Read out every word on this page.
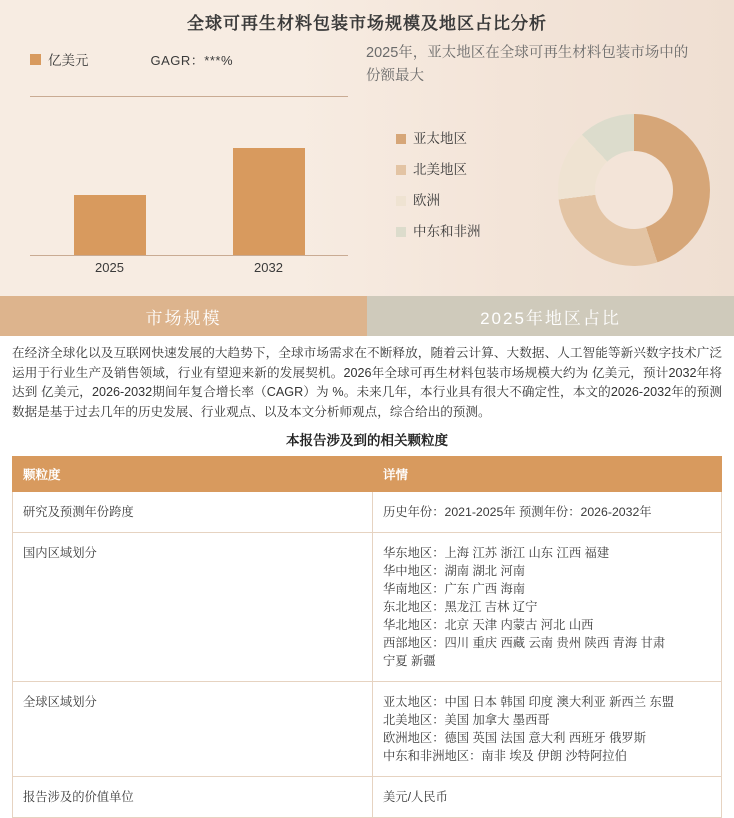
全球可再生材料包装市场规模及地区占比分析
亿美元	GAGR：***%
2025	2032
2025年，亚太地区在全球可再生材料包装市场中的份额最大
亚太地区
北美地区
欧洲
中东和非洲
市场规模	2025年地区占比
在经济全球化以及互联网快速发展的大趋势下，全球市场需求在不断释放，随着云计算、大数据、人工智能等新兴数字技术广泛运用于行业生产及销售领域，行业有望迎来新的发展契机。2026年全球可再生材料包装市场规模大约为 亿美元，预计2032年将达到 亿美元，2026-2032期间年复合增长率（CAGR）为 %。未来几年，本行业具有很大不确定性，本文的2026-2032年的预测数据是基于过去几年的历史发展、行业观点、以及本文分析师观点，综合给出的预测。
本报告涉及到的相关颗粒度
颗粒度	详情
研究及预测年份跨度	历史年份：2021-2025年 预测年份：2026-2032年

国内区域划分	华东地区：上海 江苏 浙江 山东 江西 福建
华中地区：湖南 湖北 河南
华南地区：广东 广西 海南
东北地区：黑龙江 吉林 辽宁
华北地区：北京 天津 内蒙古 河北 山西
西部地区：四川 重庆 西藏 云南 贵州 陕西 青海 甘肃
宁夏 新疆

全球区域划分	亚太地区：中国 日本 韩国 印度 澳大利亚 新西兰 东盟
北美地区：美国 加拿大 墨西哥
欧洲地区：德国 英国 法国 意大利 西班牙 俄罗斯
中东和非洲地区：南非 埃及 伊朗 沙特阿拉伯

报告涉及的价值单位	美元/人民币
